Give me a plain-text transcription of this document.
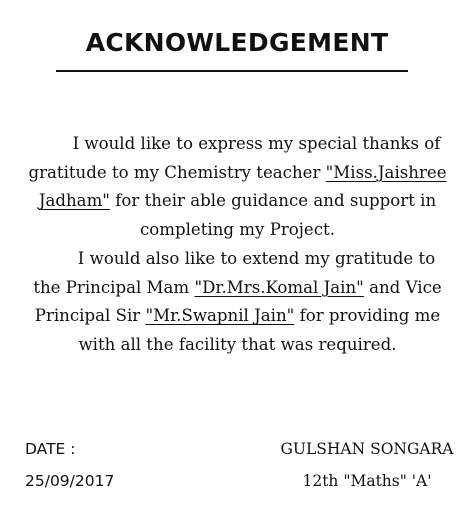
ACKNOWLEDGEMENT

I would like to express my special thanks of
gratitude to my Chemistry teacher "Miss.Jaishree
Jadham" for their able guidance and support in
completing my Project.

I would also like to extend my gratitude to
the Principal Mam "Dr.Mrs.Komal Jain" and Vice
Principal Sir "Mr.Swapnil Jain" for providing me
with all the facility that was required.

DATE :
25/09/2017
GULSHAN SONGARA
12th "Maths" 'A'
